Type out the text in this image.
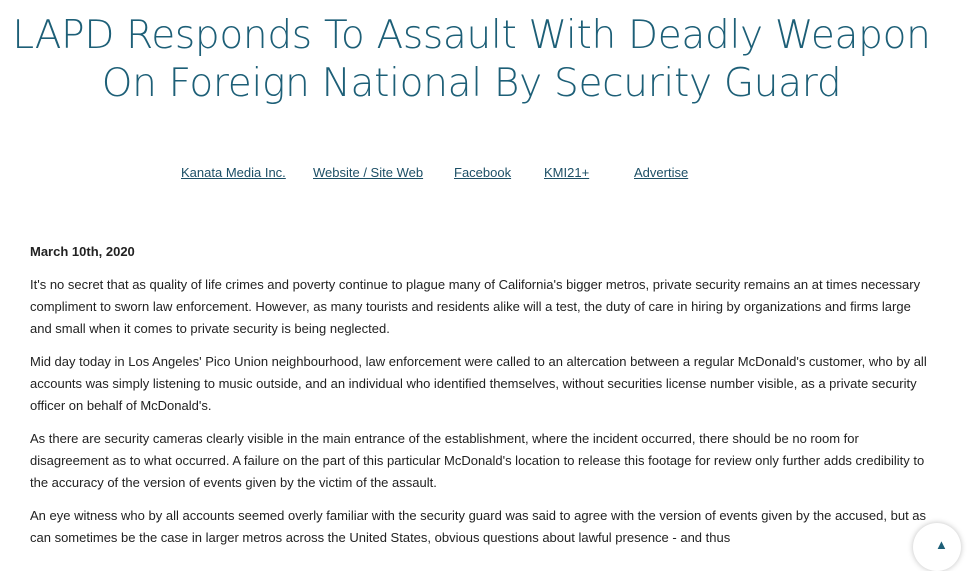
LAPD Responds To Assault With Deadly Weapon
On Foreign National By Security Guard
Kanata Media Inc. Website / Site Web Facebook	KMI21+	Advertise

March 10th, 2020

It's no secret that as quality of life crimes and poverty continue to plague many of California's bigger metros, private security remains an at times necessary compliment to sworn law enforcement. However, as many tourists and residents alike will a test, the duty of care in hiring by organizations and firms large and small when it comes to private security is being neglected.

Mid day today in Los Angeles' Pico Union neighbourhood, law enforcement were called to an altercation between a regular McDonald's customer, who by all accounts was simply listening to music outside, and an individual who identified themselves, without securities license number visible, as a private security officer on behalf of McDonald's.

As there are security cameras clearly visible in the main entrance of the establishment, where the incident occurred, there should be no room for disagreement as to what occurred. A failure on the part of this particular McDonald's location to release this footage for review only further adds credibility to the accuracy of the version of events given by the victim of the assault.

An eye witness who by all accounts seemed overly familiar with the security guard was said to agree with the version of events given by the accused, but as can sometimes be the case in larger metros across the United States, obvious questions about lawful presence - and thus	▲
